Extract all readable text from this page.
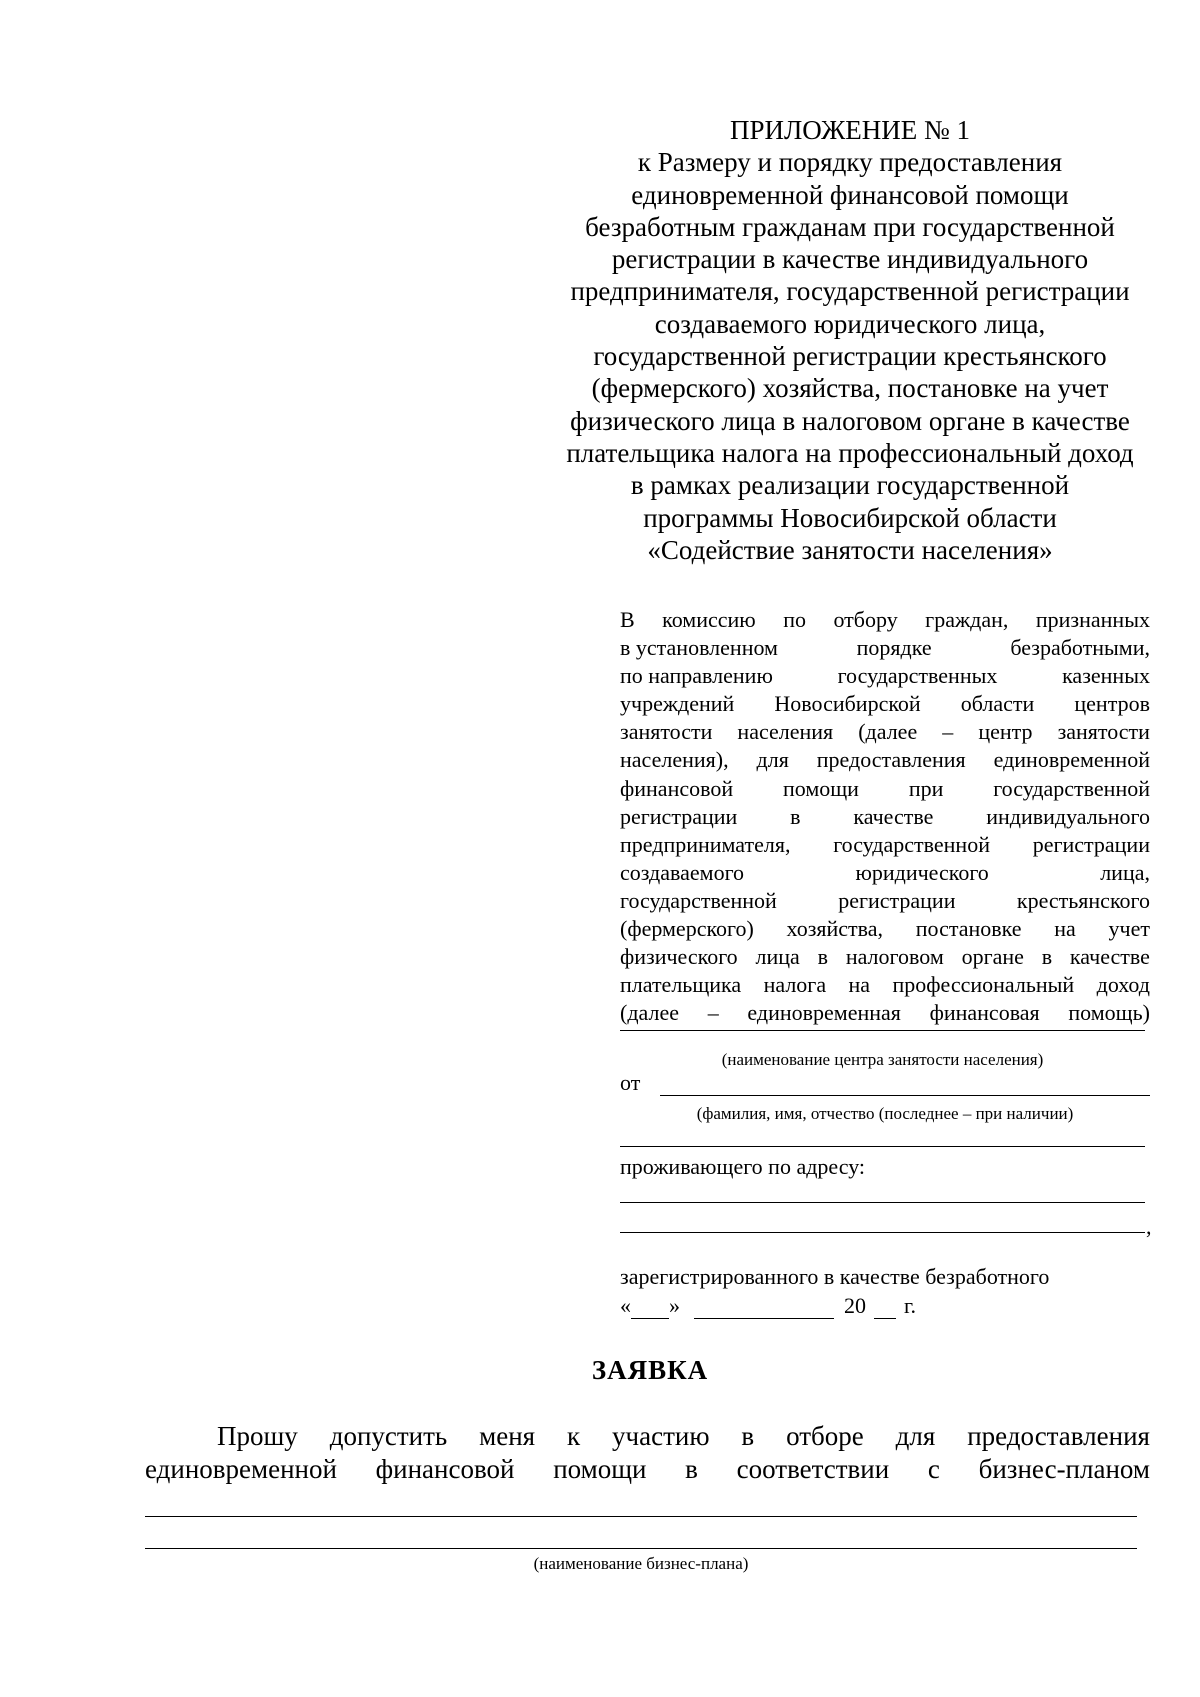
ПРИЛОЖЕНИЕ № 1
к Размеру и порядку предоставления
единовременной финансовой помощи
безработным гражданам при государственной
регистрации в качестве индивидуального
предпринимателя, государственной регистрации
создаваемого юридического лица,
государственной регистрации крестьянского
(фермерского) хозяйства, постановке на учет
физического лица в налоговом органе в качестве
плательщика налога на профессиональный доход
в рамках реализации государственной
программы Новосибирской области
«Содействие занятости населения»
В комиссию по отбору граждан, признанных
в установленном	порядке	безработными,
по направлению	государственных	казенных
учреждений Новосибирской области центров
занятости населения (далее – центр занятости
населения), для предоставления единовременной
финансовой помощи при государственной
регистрации в качестве индивидуального
предпринимателя, государственной регистрации
создаваемого	юридического	лица,
государственной	регистрации	крестьянского
(фермерского) хозяйства, постановке на учет
физического лица в налоговом органе в качестве
плательщика налога на профессиональный доход
(далее – единовременная финансовая помощь)
(наименование центра занятости населения)
от
(фамилия, имя, отчество (последнее – при наличии)
проживающего по адресу:
,
зарегистрированного в качестве безработного
« »	20 г.
ЗАЯВКА
Прошу допустить меня к участию в отборе для предоставления
единовременной финансовой помощи в соответствии с бизнес-планом
(наименование бизнес-плана)
